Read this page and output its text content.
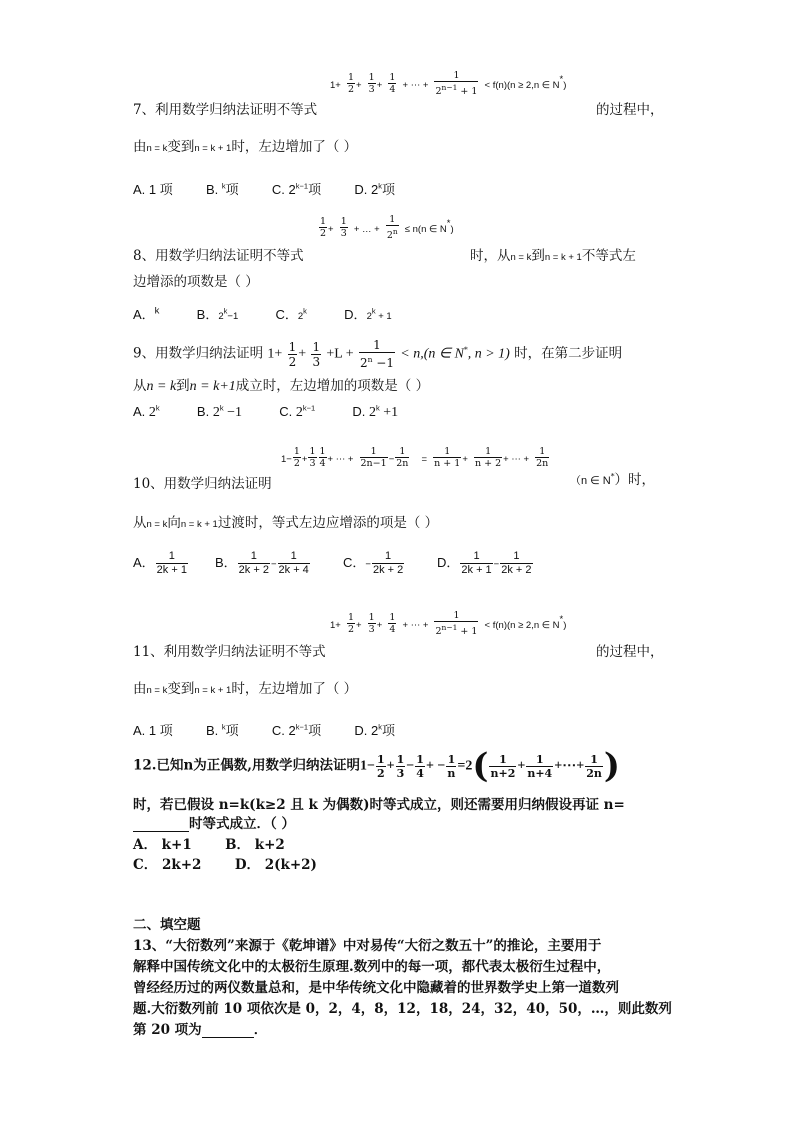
$1+ \frac{1}{2} + \frac{1}{3} + \frac{1}{4}$ + ⋯ + $\frac{1}{2^{n-1} + 1} < f(n)(n \ge 2,n$ ∈ N*)
7、利用数学归纳法证明不等式	的过程中，
由n = k变到n = k + 1时，左边增加了（ ）
A. 1 项	B. $^k$项	C. $2^{k-1}$项	D. 2$^k$项
$\frac{1}{2} + \frac{1}{3}$ + … + $\frac{1}{2^n} \le n(n$ ∈ N*)
8、用数学归纳法证明不等式	时，从n = k到n = k + 1不等式左
边增添的项数是（ ）
A．$^k$	B．$2^k-1$	C．2$^k$	D．$2^k + 1$
9、用数学归纳法证明 $1+ \frac{1}{2} + \frac{1}{3} +L + \frac{1}{2^n -1} < n,(n$ ∈ N*, n > 1) 时，在第二步证明
从n = k到n = k+1成立时，左边增加的项数是（ ）
A. 2$^k$	B. $2^k -1$	C. $2^{k-1}$	D. $2^k +1$
10、用数学归纳法证明
$1- \frac{1}{2} + \frac{1}{3} \frac{1}{4}$ + ⋯ + $\frac{1}{2n-1} - \frac{1}{2n} = \frac{1}{n + 1} + \frac{1}{n + 2}$ + ⋯ + $\frac{1}{2n}$
（n ∈ N*）时，
从n = k向n = k + 1过渡时，等式左边应增添的项是（ ）
A． $\frac{1}{2k + 1}$ B． $\frac{1}{2k + 2} - \frac{1}{2k + 4}$	C．− $\frac{1}{2k + 2}$	D． $\frac{1}{2k + 1} - \frac{1}{2k + 2}$
$1+ \frac{1}{2} + \frac{1}{3} + \frac{1}{4}$ + ⋯ + $\frac{1}{2^{n-1} + 1} < f(n)(n \ge 2,n$ ∈ N*)
11、利用数学归纳法证明不等式	的过程中，
由n = k变到n = k + 1时，左边增加了（ ）
A. 1 项	B. $^k$项	C. $2^{k-1}$项	D. 2$^k$项
12.已知n为正偶数,用数学归纳法证明$1- \frac{1}{2} + \frac{1}{3} - \frac{1}{4}$ + − $\frac{1}{n} =2( \frac{1}{n+2} + \frac{1}{n+4}$ +⋯+ $\frac{1}{2n}$ )
时，若已假设 n=k(k≥2 且 k 为偶数)时等式成立，则还需要用归纳假设再证 n=
时等式成立．（ ）
A． k+1 B． k+2
C． 2k+2 D． 2(k+2)
二、填空题
13、“大衍数列”来源于《乾坤谱》中对易传“大衍之数五十”的推论，主要用于
解释中国传统文化中的太极衍生原理.数列中的每一项，都代表太极衍生过程中，
曾经经历过的两仪数量总和，是中华传统文化中隐藏着的世界数学史上第一道数列
题.大衍数列前 10 项依次是 0，2，4，8，12，18，24，32，40，50，…，则此数列
第 20 项为	．
